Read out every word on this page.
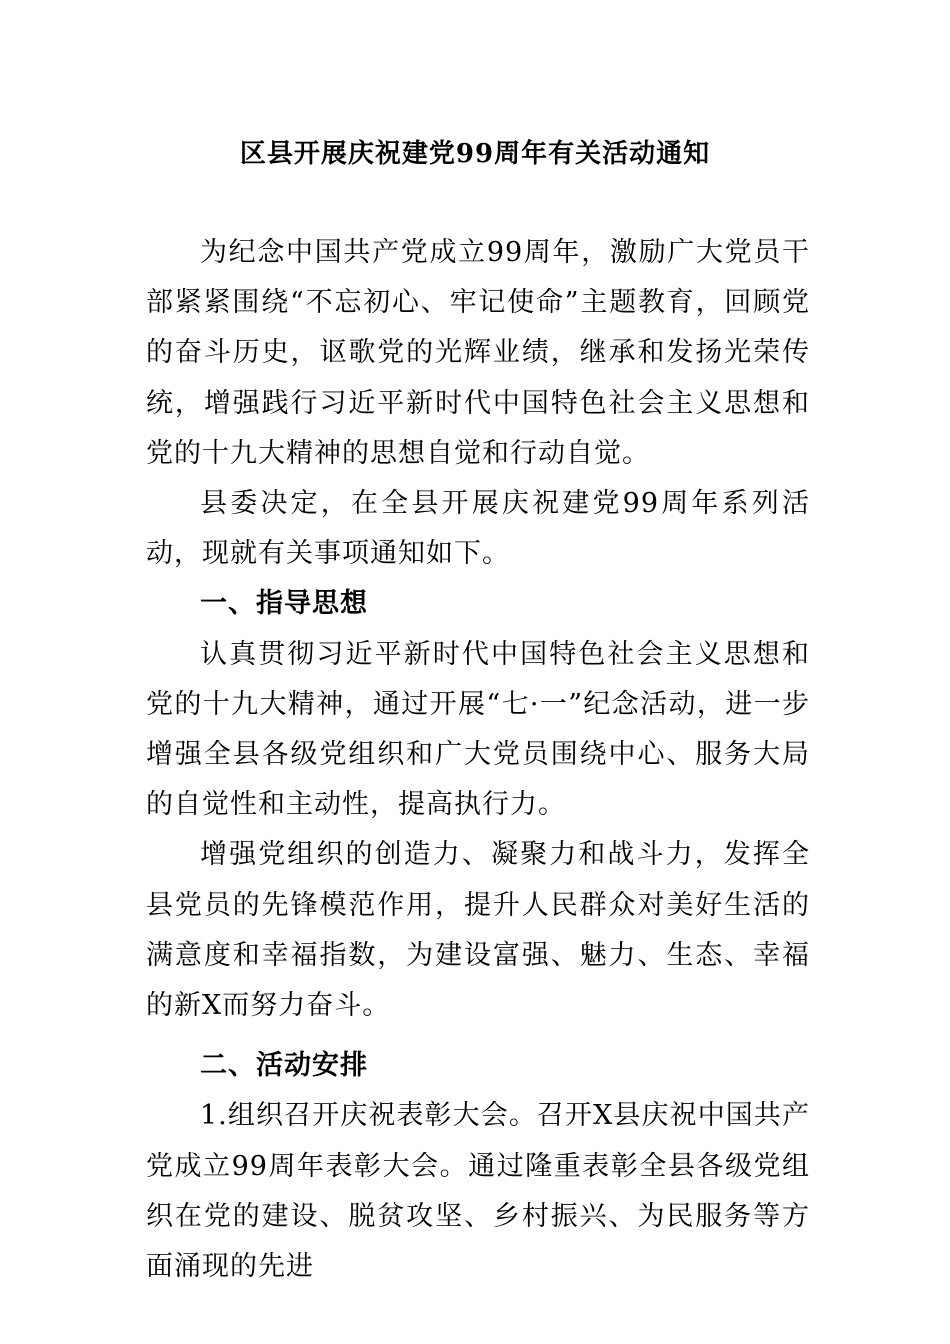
区县开展庆祝建党99周年有关活动通知

为纪念中国共产党成立99周年，激励广大党员干部紧紧围绕“不忘初心、牢记使命”主题教育，回顾党的奋斗历史，讴歌党的光辉业绩，继承和发扬光荣传统，增强践行习近平新时代中国特色社会主义思想和党的十九大精神的思想自觉和行动自觉。

县委决定，在全县开展庆祝建党99周年系列活动，现就有关事项通知如下。

一、指导思想

认真贯彻习近平新时代中国特色社会主义思想和党的十九大精神，通过开展“七·一”纪念活动，进一步增强全县各级党组织和广大党员围绕中心、服务大局的自觉性和主动性，提高执行力。

增强党组织的创造力、凝聚力和战斗力，发挥全县党员的先锋模范作用，提升人民群众对美好生活的满意度和幸福指数，为建设富强、魅力、生态、幸福的新X而努力奋斗。

二、活动安排

1.组织召开庆祝表彰大会。召开X县庆祝中国共产党成立99周年表彰大会。通过隆重表彰全县各级党组织在党的建设、脱贫攻坚、乡村振兴、为民服务等方面涌现的先进
